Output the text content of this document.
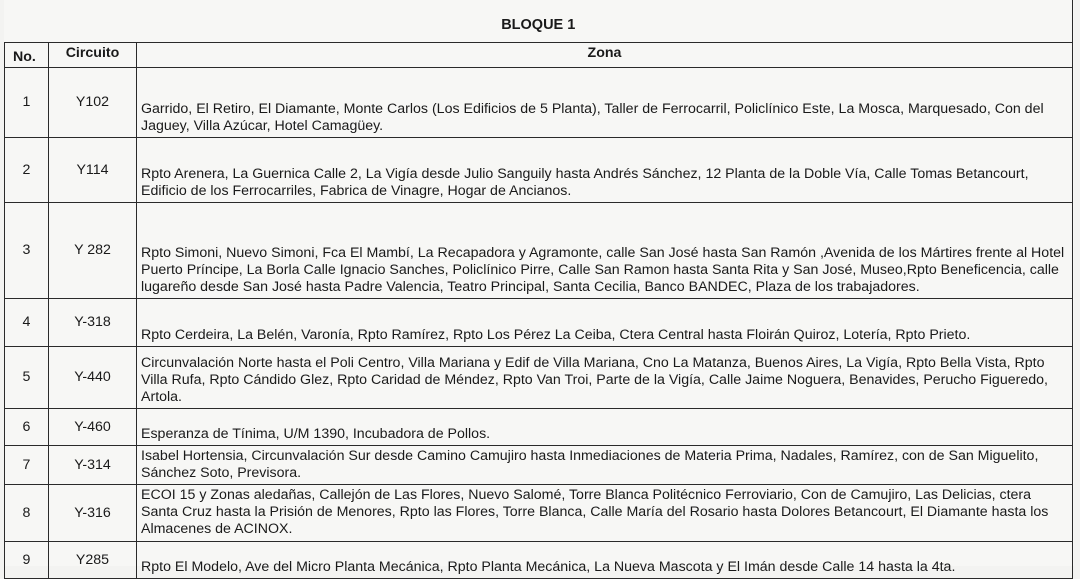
BLOQUE 1		
No.	Circuito	Zona
1	Y102	Garrido, El Retiro, El Diamante, Monte Carlos (Los Edificios de 5 Planta), Taller de Ferrocarril, Policlínico Este, La Mosca, Marquesado, Con del Jaguey, Villa Azúcar, Hotel Camagüey.
2	Y114	Rpto Arenera, La Guernica Calle 2, La Vigía desde Julio Sanguily hasta Andrés Sánchez, 12 Planta de la Doble Vía, Calle Tomas Betancourt, Edificio de los Ferrocarriles, Fabrica de Vinagre, Hogar de Ancianos.
3	Y 282	Rpto Simoni, Nuevo Simoni, Fca El Mambí, La Recapadora y Agramonte, calle San José hasta San Ramón ,Avenida de los Mártires frente al Hotel Puerto Príncipe, La Borla Calle Ignacio Sanches, Policlínico Pirre, Calle San Ramon hasta Santa Rita y San José, Museo,Rpto Beneficencia, calle lugareño desde San José hasta Padre Valencia, Teatro Principal, Santa Cecilia, Banco BANDEC, Plaza de los trabajadores.
4	Y-318	Rpto Cerdeira, La Belén, Varonía, Rpto Ramírez, Rpto Los Pérez La Ceiba, Ctera Central hasta Floirán Quiroz, Lotería, Rpto Prieto.
5	Y-440	Circunvalación Norte hasta el Poli Centro, Villa Mariana y Edif de Villa Mariana, Cno La Matanza, Buenos Aires, La Vigía, Rpto Bella Vista, Rpto Villa Rufa, Rpto Cándido Glez, Rpto Caridad de Méndez, Rpto Van Troi, Parte de la Vigía, Calle Jaime Noguera, Benavides, Perucho Figueredo, Artola.
6	Y-460	Esperanza de Tínima, U/M 1390, Incubadora de Pollos.
7	Y-314	Isabel Hortensia, Circunvalación Sur desde Camino Camujiro hasta Inmediaciones de Materia Prima, Nadales, Ramírez, con de San Miguelito, Sánchez Soto, Previsora.
8	Y-316	ECOI 15 y Zonas aledañas, Callejón de Las Flores, Nuevo Salomé, Torre Blanca Politécnico Ferroviario, Con de Camujiro, Las Delicias, ctera Santa Cruz hasta la Prisión de Menores, Rpto las Flores, Torre Blanca, Calle María del Rosario hasta Dolores Betancourt, El Diamante hasta los Almacenes de ACINOX.
9	Y285	Rpto El Modelo, Ave del Micro Planta Mecánica, Rpto Planta Mecánica, La Nueva Mascota y El Imán desde Calle 14 hasta la 4ta.
